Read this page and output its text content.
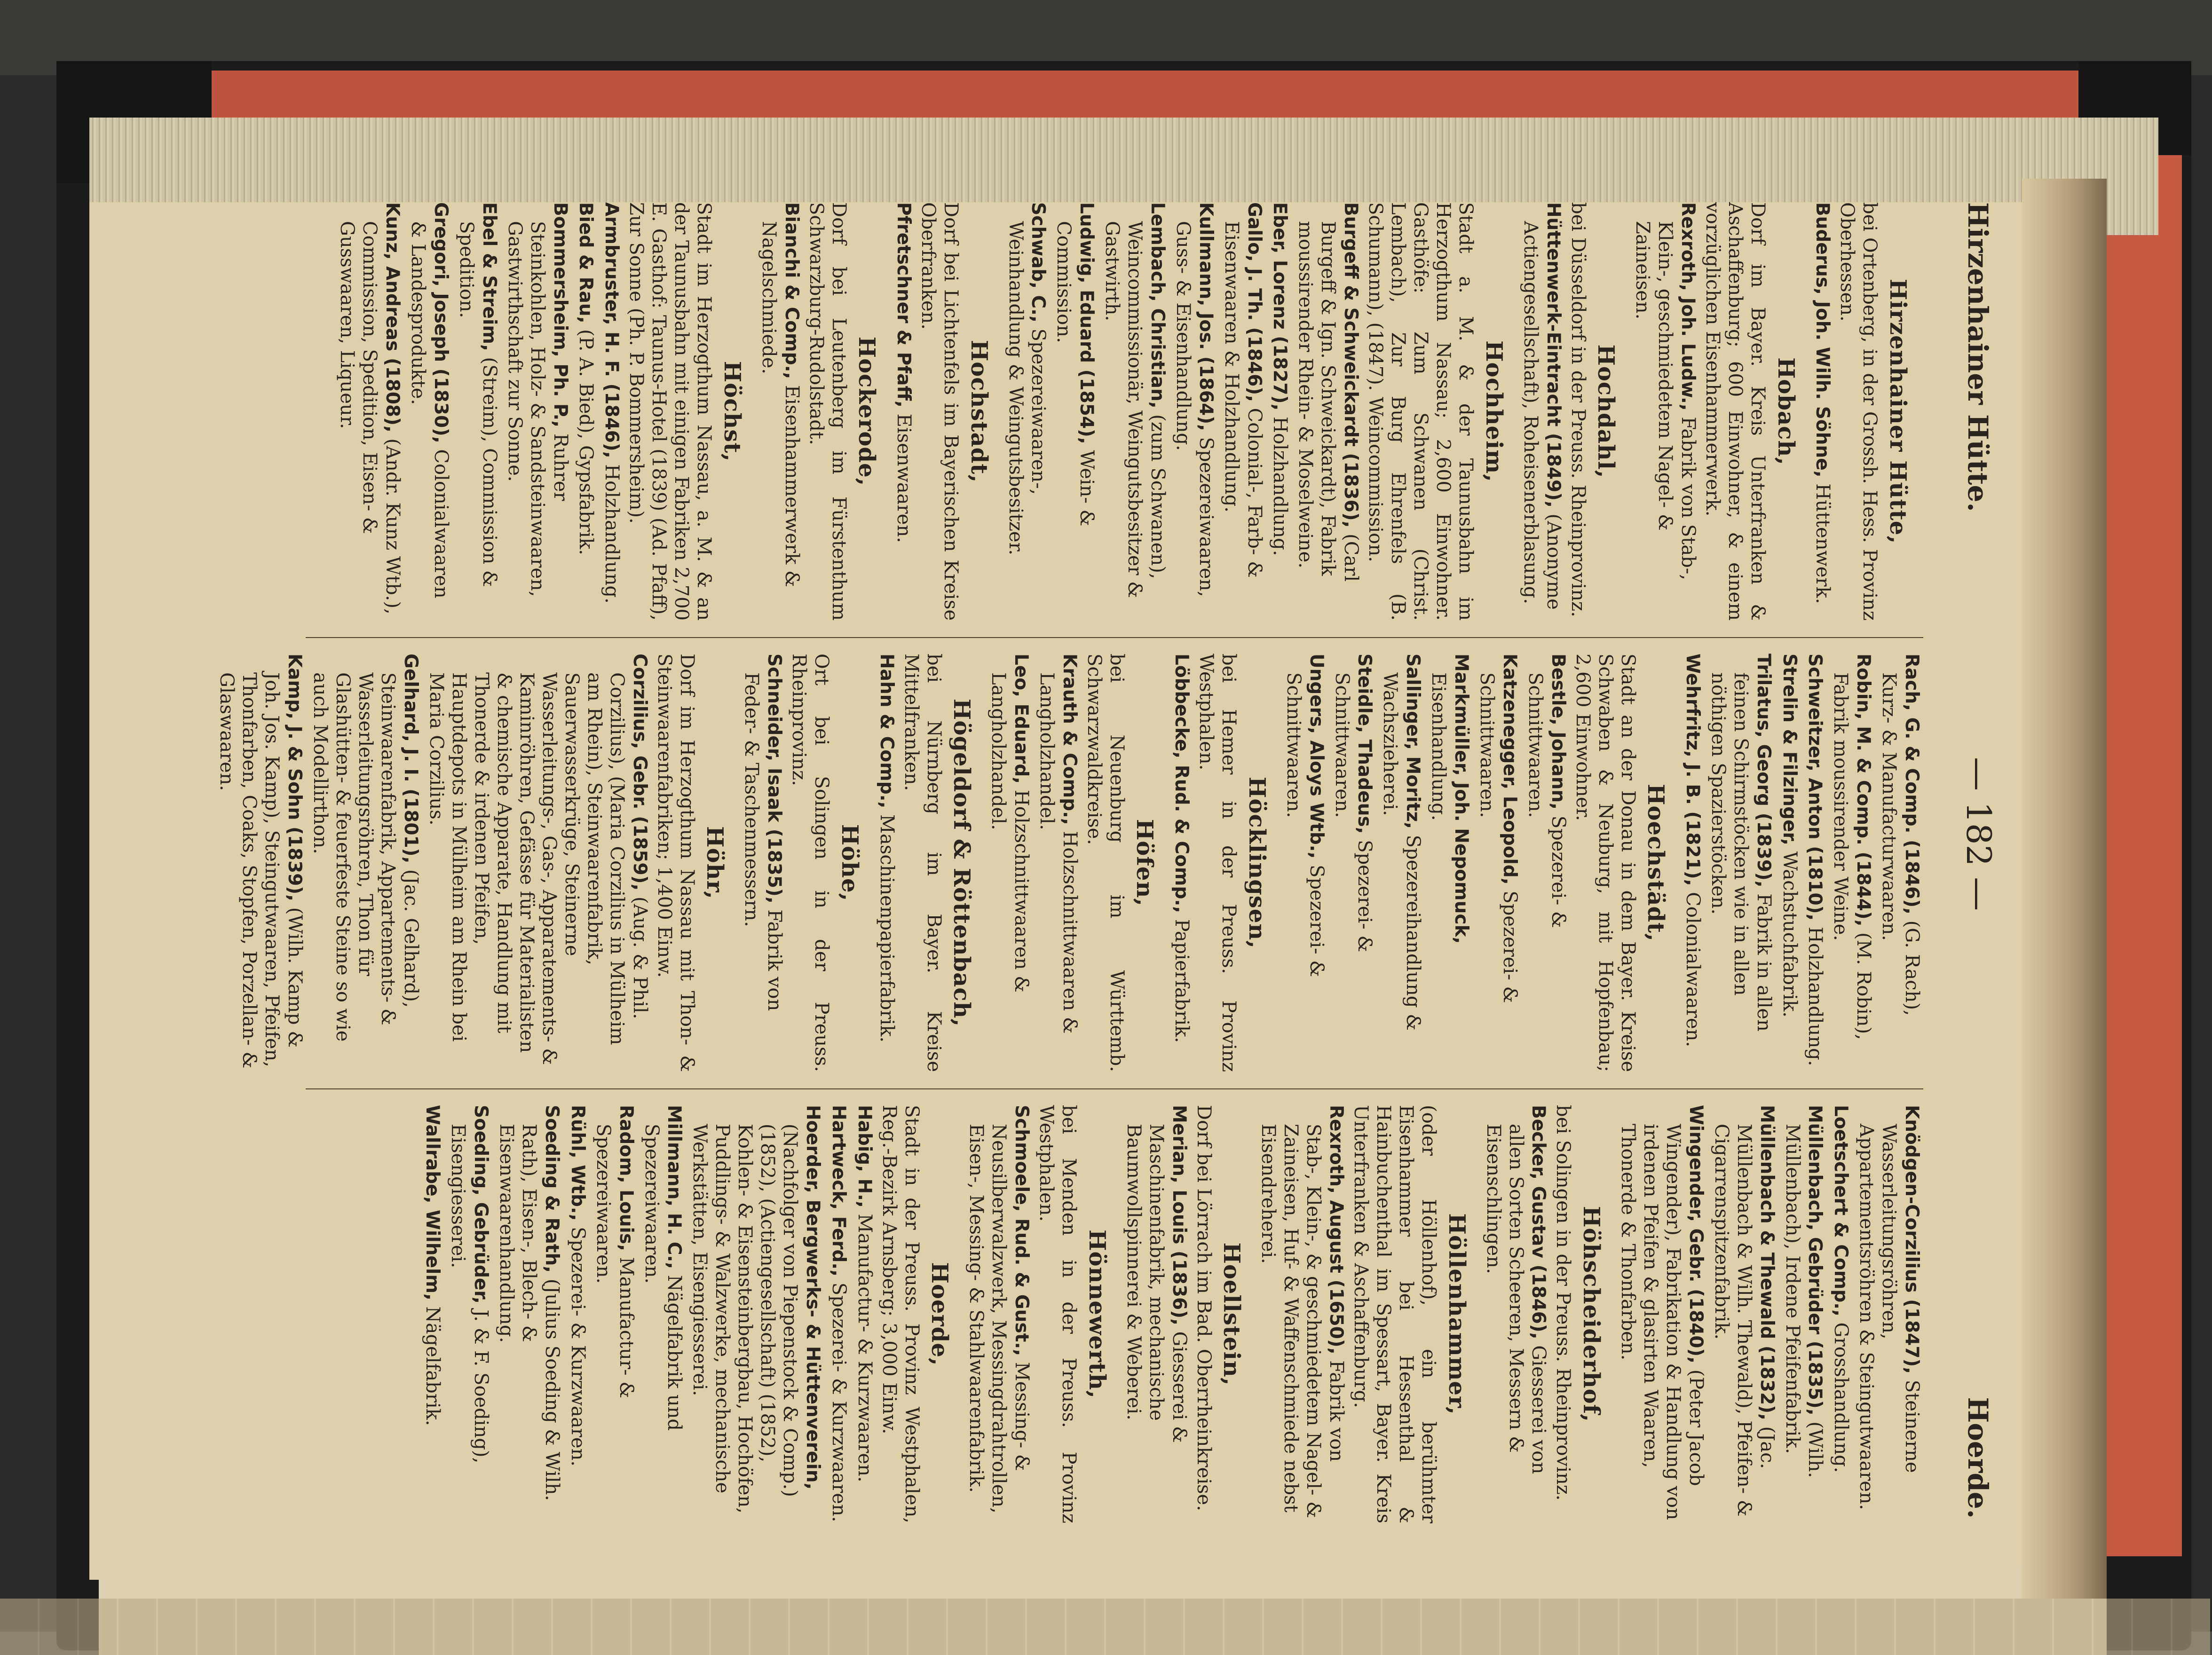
Hirzenhainer Hütte.
— 182 —
Hoerde.
Hirzenhainer Hütte,
bei Ortenberg, in der Grossh. Hess. Provinz Oberhessen.
Buderus, Joh. Wilh. Söhne, Hüttenwerk.
Hobach,
Dorf im Bayer. Kreis Unterfranken & Aschaffenburg; 600 Einwohner, & einem vorzüglichen Eisenhammerwerk.
Rexroth, Joh. Ludw., Fabrik von Stab-, Klein-, geschmiedetem Nagel- & Zaineisen.
Hochdahl,
bei Düsseldorf in der Preuss. Rheinprovinz.
Hüttenwerk-Eintracht (1849), (Anonyme Actiengesellschaft), Roheisenerblasung.
Hochheim,
Stadt a. M. & der Taunusbahn im Herzogthum Nassau; 2,600 Einwohner. Gasthöfe: Zum Schwanen (Christ. Lembach), Zur Burg Ehrenfels (B. Schumann), (1847). Weincommission.
Burgeff & Schweickardt (1836), (Carl Burgeff & Ign. Schweickardt), Fabrik moussirender Rhein- & Moselweine.
Eber, Lorenz (1827), Holzhandlung.
Gallo, J. Th. (1846), Colonial-, Farb- & Eisenwaaren & Holzhandlung.
Kullmann, Jos. (1864), Spezereiwaaren, Guss- & Eisenhandlung.
Lembach, Christian, (zum Schwanen), Weincommissionär, Weingutsbesitzer & Gastwirth.
Ludwig, Eduard (1854), Wein- & Commission.
Schwab, C., Spezereiwaaren-, Weinhandlung & Weingutsbesitzer.
Hochstadt,
Dorf bei Lichtenfels im Bayerischen Kreise Oberfranken.
Pfretschner & Pfaff, Eisenwaaren.
Hockerode,
Dorf bei Leutenberg im Fürstenthum Schwarzburg-Rudolstadt.
Bianchi & Comp., Eisenhammerwerk & Nagelschmiede.
Höchst,
Stadt im Herzogthum Nassau, a. M. & an der Taunusbahn mit einigen Fabriken 2,700 E. Gasthof: Taunus-Hotel (1839) (Ad. Pfaff), Zur Sonne (Ph. P. Bommersheim).
Armbruster, H. F. (1846), Holzhandlung.
Bied & Rau, (P. A. Bied), Gypsfabrik.
Bommersheim, Ph. P., Ruhrer Steinkohlen, Holz- & Sandsteinwaaren, Gastwirthschaft zur Sonne.
Ebel & Streim, (Streim), Commission & Spedition.
Gregori, Joseph (1830), Colonialwaaren & Landesprodukte.
Kunz, Andreas (1808), (Andr. Kunz Wtb.), Commission, Spedition, Eisen- & Gusswaaren, Liqueur.
Rach, G. & Comp. (1846), (G. Rach), Kurz- & Manufacturwaaren.
Robin, M. & Comp. (1844), (M. Robin), Fabrik moussirender Weine.
Schweitzer, Anton (1810), Holzhandlung.
Strelin & Filzinger, Wachstuchfabrik.
Trilatus, Georg (1839), Fabrik in allen feinen Schirmstöcken wie in allen nöthigen Spazierstöcken.
Wehrfritz, J. B. (1821), Colonialwaaren.
Hoechstädt,
Stadt an der Donau in dem Bayer. Kreise Schwaben & Neuburg, mit Hopfenbau; 2,600 Einwohner.
Bestle, Johann, Spezerei- & Schnittwaaren.
Katzenegger, Leopold, Spezerei- & Schnittwaaren.
Markmüller, Joh. Nepomuck, Eisenhandlung.
Sallinger, Moritz, Spezereihandlung & Wachszieherei.
Steidle, Thadeus, Spezerei- & Schnittwaaren.
Ungers, Aloys Wtb., Spezerei- & Schnittwaaren.
Höcklingsen,
bei Hemer in der Preuss. Provinz Westphalen.
Löbbecke, Rud. & Comp., Papierfabrik.
Höfen,
bei Neuenburg im Württemb. Schwarzwaldkreise.
Krauth & Comp., Holzschnittwaaren & Langholzhandel.
Leo, Eduard, Holzschnittwaaren & Langholzhandel.
Högeldorf & Röttenbach,
bei Nürnberg im Bayer. Kreise Mittelfranken.
Hahn & Comp., Maschinenpapierfabrik.
Höhe,
Ort bei Solingen in der Preuss. Rheinprovinz.
Schneider, Isaak (1835), Fabrik von Feder- & Taschenmessern.
Höhr,
Dorf im Herzogthum Nassau mit Thon- & Steinwaarenfabriken; 1,400 Einw.
Corzilius, Gebr. (1859), (Aug. & Phil. Corzilius), (Maria Corzilius in Mülheim am Rhein), Steinwaarenfabrik, Sauerwasserkrüge, Steinerne Wasserleitungs-, Gas-, Apparatements- & Kaminröhren, Gefässe für Materialisten & chemische Apparate, Handlung mit Thonerde & irdenen Pfeifen, Hauptdepots in Mülheim am Rhein bei Maria Corzilius.
Gelhard, J. I. (1801), (Jac. Gelhard), Steinwaarenfabrik, Appartements- & Wasserleitungsröhren, Thon für Glashütten- & feuerfeste Steine so wie auch Modellirthon.
Kamp, J. & Sohn (1839), (Wilh. Kamp & Joh. Jos. Kamp), Steingutwaaren, Pfeifen, Thonfarben, Coaks, Stopfen, Porzellan- & Glaswaaren.
Knödgen-Corzilius (1847), Steinerne Wasserleitungsröhren, Appartementsröhren & Steingutwaaren.
Loetschert & Comp., Grosshandlung.
Müllenbach, Gebrüder (1835), (Wilh. Müllenbach), Irdene Pfeifenfabrik.
Müllenbach & Thewald (1832), (Jac. Müllenbach & Wilh. Thewald), Pfeifen- & Cigarrenspitzenfabrik.
Wingender, Gebr. (1840), (Peter Jacob Wingender), Fabrikation & Handlung von irdenen Pfeifen & glasirten Waaren, Thonerde & Thonfarben.
Höhscheiderhof,
bei Solingen in der Preuss. Rheinprovinz.
Becker, Gustav (1846), Giesserei von allen Sorten Scheeren, Messern & Eisenschlingen.
Höllenhammer,
(oder Höllenhof), ein berühmter Eisenhammer bei Hessenthal & Hainbuchenthal im Spessart, Bayer. Kreis Unterfranken & Aschaffenburg.
Rexroth, August (1650), Fabrik von Stab-, Klein-, & geschmiedetem Nagel- & Zaineisen, Huf- & Waffenschmiede nebst Eisendreherei.
Hoellstein,
Dorf bei Lörrach im Bad. Oberrheinkreise.
Merian, Louis (1836), Giesserei & Maschinenfabrik, mechanische Baumwollspinnerei & Weberei.
Hönnewerth,
bei Menden in der Preuss. Provinz Westphalen.
Schmoele, Rud. & Gust., Messing- & Neusilberwalzwerk, Messingdrahtrollen, Eisen-, Messing- & Stahlwaarenfabrik.
Hoerde,
Stadt in der Preuss. Provinz Westphalen, Reg.-Bezirk Arnsberg; 3,000 Einw.
Habig, H., Manufactur- & Kurzwaaren.
Hartweck, Ferd., Spezerei- & Kurzwaaren.
Hoerder, Bergwerks- & Hüttenverein, (Nachfolger von Piepenstock & Comp.) (1852), (Actiengesellschaft) (1852), Kohlen- & Eisensteinbergbau, Hochöfen, Puddlings- & Walzwerke, mechanische Werkstätten, Eisengiesserei.
Millmann, H. C., Nägelfabrik und Spezereiwaaren.
Radom, Louis, Manufactur- & Spezereiwaaren.
Rühl, Wtb., Spezerei- & Kurzwaaren.
Soeding & Rath, (Julius Soeding & Wilh. Rath), Eisen-, Blech- & Eisenwaarenhandlung.
Soeding, Gebrüder, J. & F. Soeding), Eisengiesserei.
Wallrabe, Wilhelm, Nägelfabrik.
